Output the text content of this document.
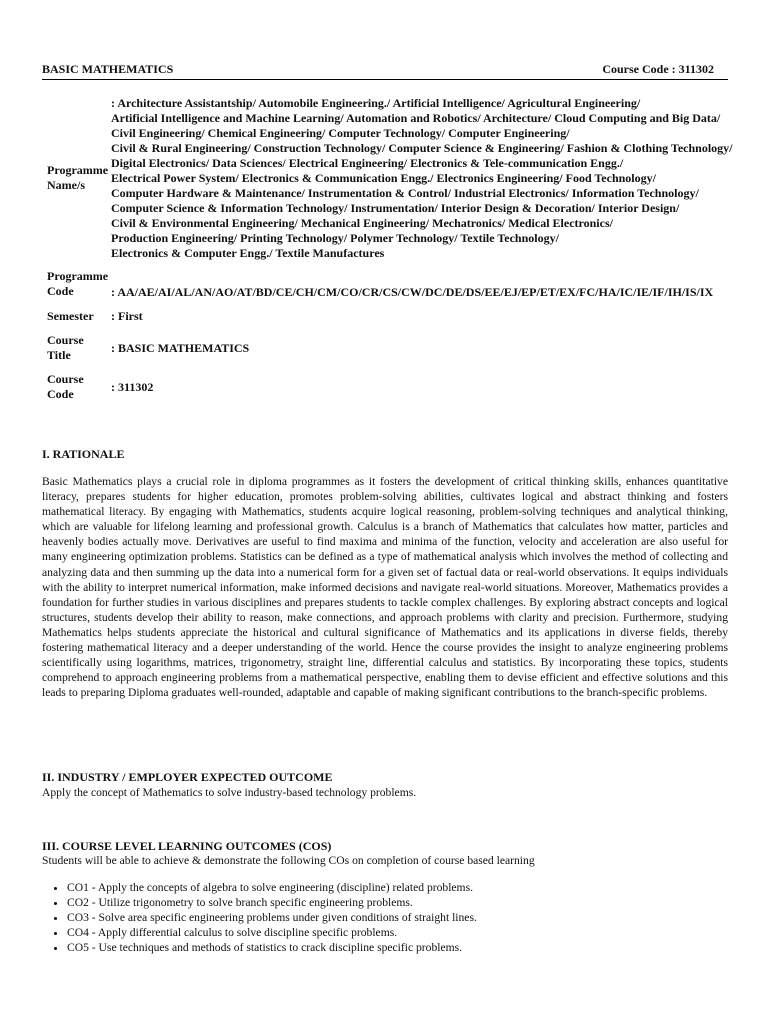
BASIC MATHEMATICS	Course Code : 311302
Programme
Name/s
: Architecture Assistantship/ Automobile Engineering./ Artificial Intelligence/ Agricultural Engineering/
Artificial Intelligence and Machine Learning/ Automation and Robotics/ Architecture/ Cloud Computing and Big Data/
Civil Engineering/ Chemical Engineering/ Computer Technology/ Computer Engineering/
Civil & Rural Engineering/ Construction Technology/ Computer Science & Engineering/ Fashion & Clothing Technology/
Digital Electronics/ Data Sciences/ Electrical Engineering/ Electronics & Tele-communication Engg./
Electrical Power System/ Electronics & Communication Engg./ Electronics Engineering/ Food Technology/
Computer Hardware & Maintenance/ Instrumentation & Control/ Industrial Electronics/ Information Technology/
Computer Science & Information Technology/ Instrumentation/ Interior Design & Decoration/ Interior Design/
Civil & Environmental Engineering/ Mechanical Engineering/ Mechatronics/ Medical Electronics/
Production Engineering/ Printing Technology/ Polymer Technology/ Textile Technology/
Electronics & Computer Engg./ Textile Manufactures
Programme
Code	: AA/AE/AI/AL/AN/AO/AT/BD/CE/CH/CM/CO/CR/CS/CW/DC/DE/DS/EE/EJ/EP/ET/EX/FC/HA/IC/IE/IF/IH/IS/IX
Semester : First
Course
Title	: BASIC MATHEMATICS
Course
Code	: 311302
I. RATIONALE

Basic Mathematics plays a crucial role in diploma programmes as it fosters the development of critical thinking skills, enhances quantitative literacy, prepares students for higher education, promotes problem-solving abilities, cultivates logical and abstract thinking and fosters mathematical literacy. By engaging with Mathematics, students acquire logical reasoning, problem-solving techniques and analytical thinking, which are valuable for lifelong learning and professional growth. Calculus is a branch of Mathematics that calculates how matter, particles and heavenly bodies actually move. Derivatives are useful to find maxima and minima of the function, velocity and acceleration are also useful for many engineering optimization problems. Statistics can be defined as a type of mathematical analysis which involves the method of collecting and analyzing data and then summing up the data into a numerical form for a given set of factual data or real-world observations. It equips individuals with the ability to interpret numerical information, make informed decisions and navigate real-world situations. Moreover, Mathematics provides a foundation for further studies in various disciplines and prepares students to tackle complex challenges. By exploring abstract concepts and logical structures, students develop their ability to reason, make connections, and approach problems with clarity and precision. Furthermore, studying Mathematics helps students appreciate the historical and cultural significance of Mathematics and its applications in diverse fields, thereby fostering mathematical literacy and a deeper understanding of the world. Hence the course provides the insight to analyze engineering problems scientifically using logarithms, matrices, trigonometry, straight line, differential calculus and statistics. By incorporating these topics, students comprehend to approach engineering problems from a mathematical perspective, enabling them to devise efficient and effective solutions and this leads to preparing Diploma graduates well-rounded, adaptable and capable of making significant contributions to the branch-specific problems.

II. INDUSTRY / EMPLOYER EXPECTED OUTCOME
Apply the concept of Mathematics to solve industry-based technology problems.
III. COURSE LEVEL LEARNING OUTCOMES (COS)
Students will be able to achieve & demonstrate the following COs on completion of course based learning
• CO1 - Apply the concepts of algebra to solve engineering (discipline) related problems.
• CO2 - Utilize trigonometry to solve branch specific engineering problems.
• CO3 - Solve area specific engineering problems under given conditions of straight lines.
• CO4 - Apply differential calculus to solve discipline specific problems.
• CO5 - Use techniques and methods of statistics to crack discipline specific problems.
